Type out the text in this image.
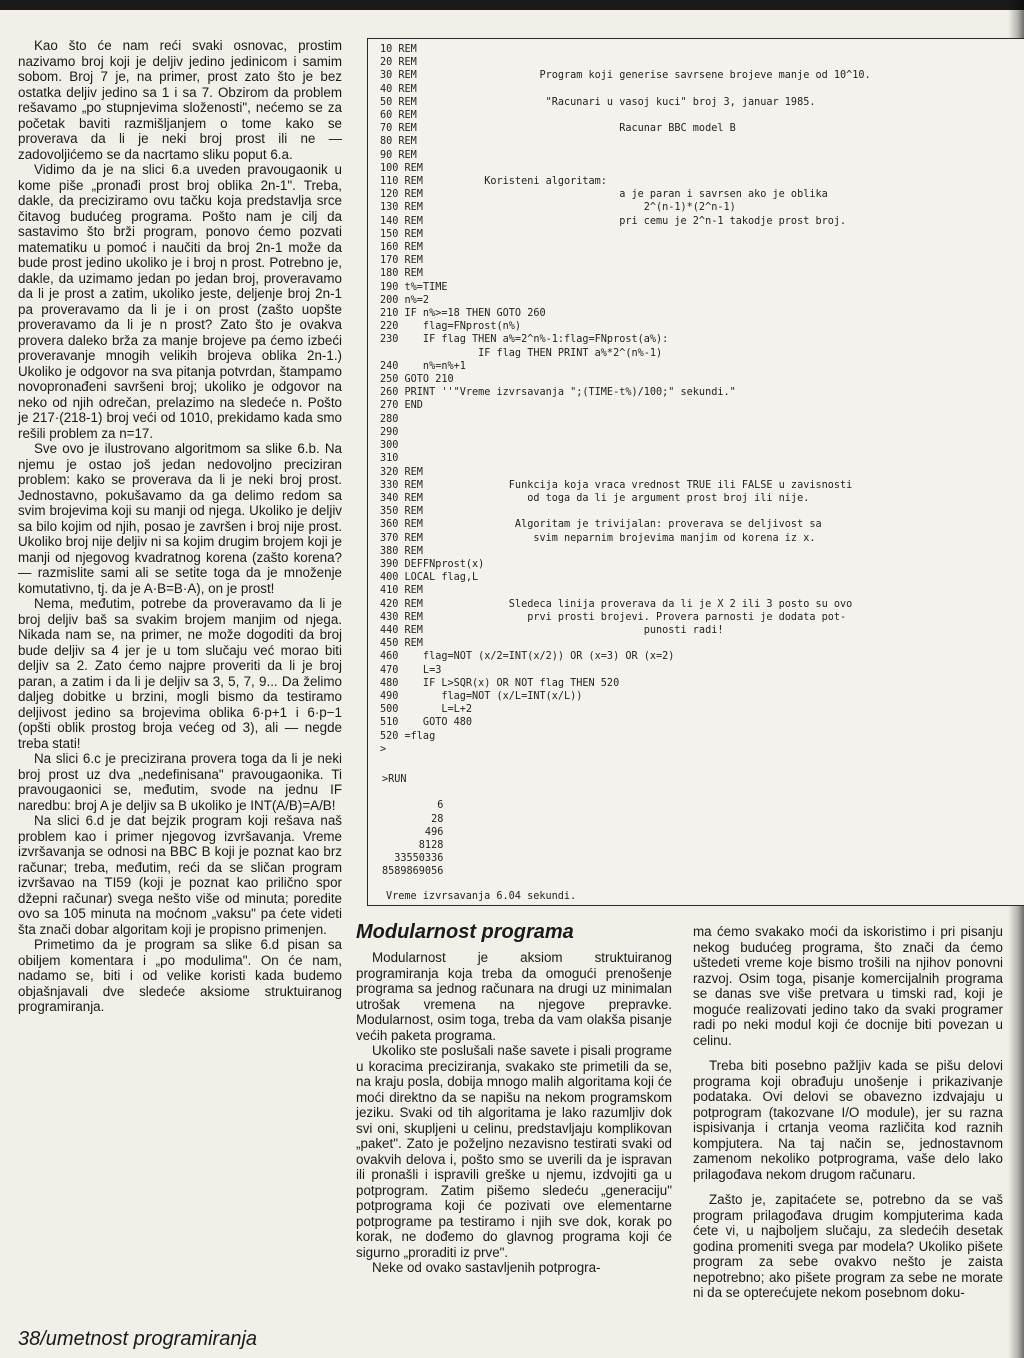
Kao što će nam reći svaki osnovac, prostim nazivamo broj koji je deljiv jedino jedinicom i samim sobom. Broj 7 je, na primer, prost zato što je bez ostatka deljiv jedino sa 1 i sa 7. Obzirom da problem rešavamo „po stupnjevima složenosti", nećemo se za početak baviti razmišljanjem o tome kako se proverava da li je neki broj prost ili ne — zadovoljićemo se da nacrtamo sliku poput 6.a.

Vidimo da je na slici 6.a uveden pravougaonik u kome piše „pronađi prost broj oblika 2n-1". Treba, dakle, da preciziramo ovu tačku koja predstavlja srce čitavog budućeg programa. Pošto nam je cilj da sastavimo što brži program, ponovo ćemo pozvati matematiku u pomoć i naučiti da broj 2n-1 može da bude prost jedino ukoliko je i broj n prost. Potrebno je, dakle, da uzimamo jedan po jedan broj, proveravamo da li je prost a zatim, ukoliko jeste, deljenje broj 2n-1 pa proveravamo da li je i on prost (zašto uopšte proveravamo da li je n prost? Zato što je ovakva provera daleko brža za manje brojeve pa ćemo izbeći proveravanje mnogih velikih brojeva oblika 2n-1.) Ukoliko je odgovor na sva pitanja potvrdan, štampamo novopronađeni savršeni broj; ukoliko je odgovor na neko od njih odrečan, prelazimo na sledeće n. Pošto je 217·(218-1) broj veći od 1010, prekidamo kada smo rešili problem za n=17.

Sve ovo je ilustrovano algoritmom sa slike 6.b. Na njemu je ostao još jedan nedovoljno preciziran problem: kako se proverava da li je neki broj prost. Jednostavno, pokušavamo da ga delimo redom sa svim brojevima koji su manji od njega. Ukoliko je deljiv sa bilo kojim od njih, posao je završen i broj nije prost. Ukoliko broj nije deljiv ni sa kojim drugim brojem koji je manji od njegovog kvadratnog korena (zašto korena? — razmislite sami ali se setite toga da je množenje komutativno, tj. da je A·B=B·A), on je prost!

Nema, međutim, potrebe da proveravamo da li je broj deljiv baš sa svakim brojem manjim od njega. Nikada nam se, na primer, ne može dogoditi da broj bude deljiv sa 4 jer je u tom slučaju već morao biti deljiv sa 2. Zato ćemo najpre proveriti da li je broj paran, a zatim i da li je deljiv sa 3, 5, 7, 9... Da želimo daljeg dobitke u brzini, mogli bismo da testiramo deljivost jedino sa brojevima oblika 6·p+1 i 6·p−1 (opšti oblik prostog broja većeg od 3), ali — negde treba stati!

Na slici 6.c je precizirana provera toga da li je neki broj prost uz dva „nedefinisana" pravougaonika. Ti pravougaonici se, međutim, svode na jednu IF naredbu: broj A je deljiv sa B ukoliko je INT(A/B)=A/B!

Na slici 6.d je dat bejzik program koji rešava naš problem kao i primer njegovog izvršavanja. Vreme izvršavanja se odnosi na BBC B koji je poznat kao brz računar; treba, međutim, reći da se sličan program izvršavao na TI59 (koji je poznat kao prilično spor džepni računar) svega nešto više od minuta; poredite ovo sa 105 minuta na moćnom „vaksu" pa ćete videti šta znači dobar algoritam koji je propisno primenjen.

Primetimo da je program sa slike 6.d pisan sa obiljem komentara i „po modulima". On će nam, nadamo se, biti i od velike koristi kada budemo objašnjavali dve sledeće aksiome struktuiranog programiranja.

10 REM
20 REM
30 REM                    Program koji generise savrsene brojeve manje od 10^10.
40 REM
50 REM                     "Racunari u vasoj kuci" broj 3, januar 1985.
60 REM
70 REM                                 Racunar BBC model B
80 REM
90 REM
100 REM
110 REM          Koristeni algoritam:
120 REM                                a je paran i savrsen ako je oblika
130 REM                                    2^(n-1)*(2^n-1)
140 REM                                pri cemu je 2^n-1 takodje prost broj.
150 REM
160 REM
170 REM
180 REM
190 t%=TIME
200 n%=2
210 IF n%>=18 THEN GOTO 260
220    flag=FNprost(n%)
230    IF flag THEN a%=2^n%-1:flag=FNprost(a%):
IF flag THEN PRINT a%*2^(n%-1)
240    n%=n%+1
250 GOTO 210
260 PRINT ''"Vreme izvrsavanja ";(TIME-t%)/100;" sekundi."
270 END
280
290
300
310
320 REM
330 REM              Funkcija koja vraca vrednost TRUE ili FALSE u zavisnosti
340 REM                 od toga da li je argument prost broj ili nije.
350 REM
360 REM               Algoritam je trivijalan: proverava se deljivost sa
370 REM                  svim neparnim brojevima manjim od korena iz x.
380 REM
390 DEFFNprost(x)
400 LOCAL flag,L
410 REM
420 REM              Sledeca linija proverava da li je X 2 ili 3 posto su ovo
430 REM                 prvi prosti brojevi. Provera parnosti je dodata pot-
440 REM                                    punosti radi!
450 REM
460    flag=NOT (x/2=INT(x/2)) OR (x=3) OR (x=2)
470    L=3
480    IF L>SQR(x) OR NOT flag THEN 520
490       flag=NOT (x/L=INT(x/L))
500       L=L+2
510    GOTO 480
520 =flag
>
>RUN

6
28
496
8128
33550336
8589869056
Vreme izvrsavanja 6.04 sekundi.
Modularnost programa

Modularnost je aksiom struktuiranog programiranja koja treba da omogući prenošenje programa sa jednog računara na drugi uz minimalan utrošak vremena na njegove prepravke. Modularnost, osim toga, treba da vam olakša pisanje većih paketa programa.

Ukoliko ste poslušali naše savete i pisali programe u koracima preciziranja, svakako ste primetili da se, na kraju posla, dobija mnogo malih algoritama koji će moći direktno da se napišu na nekom programskom jeziku. Svaki od tih algoritama je lako razumljiv dok svi oni, skupljeni u celinu, predstavljaju komplikovan „paket". Zato je poželjno nezavisno testirati svaki od ovakvih delova i, pošto smo se uverili da je ispravan ili pronašli i ispravili greške u njemu, izdvojiti ga u potprogram. Zatim pišemo sledeću „generaciju" potprograma koji će pozivati ove elementarne potprograme pa testiramo i njih sve dok, korak po korak, ne dođemo do glavnog programa koji će sigurno „proraditi iz prve".

Neke od ovako sastavljenih potprogra-

ma ćemo svakako moći da iskoristimo i pri pisanju nekog budućeg programa, što znači da ćemo uštedeti vreme koje bismo trošili na njihov ponovni razvoj. Osim toga, pisanje komercijalnih programa se danas sve više pretvara u timski rad, koji je moguće realizovati jedino tako da svaki programer radi po neki modul koji će docnije biti povezan u celinu.

Treba biti posebno pažljiv kada se pišu delovi programa koji obrađuju unošenje i prikazivanje podataka. Ovi delovi se obavezno izdvajaju u potprogram (takozvane I/O module), jer su razna ispisivanja i crtanja veoma različita kod raznih kompjutera. Na taj način se, jednostavnom zamenom nekoliko potprograma, vaše delo lako prilagođava nekom drugom računaru.

Zašto je, zapitaćete se, potrebno da se vaš program prilagođava drugim kompjuterima kada ćete vi, u najboljem slučaju, za sledećih desetak godina promeniti svega par modela? Ukoliko pišete program za sebe ovakvo nešto je zaista nepotrebno; ako pišete program za sebe ne morate ni da se opterećujete nekom posebnom doku-

38/umetnost programiranja
